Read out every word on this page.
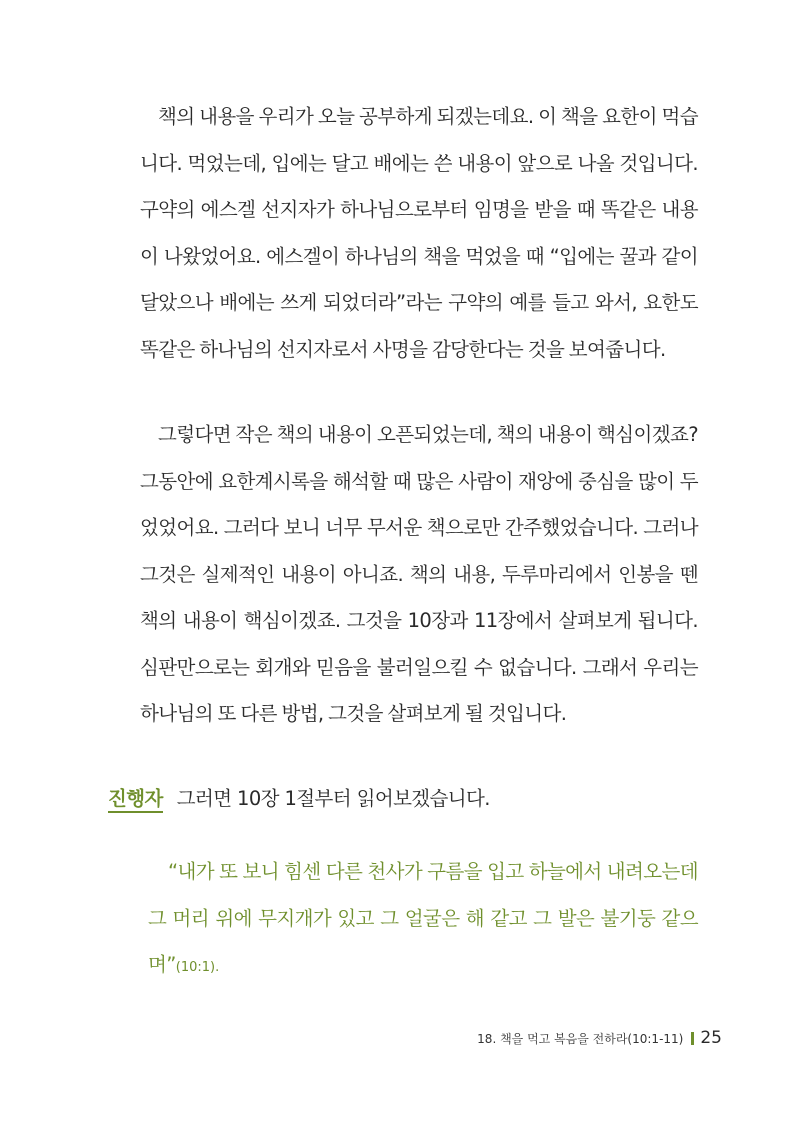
책의 내용을 우리가 오늘 공부하게 되겠는데요. 이 책을 요한이 먹습니다. 먹었는데, 입에는 달고 배에는 쓴 내용이 앞으로 나올 것입니다. 구약의 에스겔 선지자가 하나님으로부터 임명을 받을 때 똑같은 내용이 나왔었어요. 에스겔이 하나님의 책을 먹었을 때 “입에는 꿀과 같이 달았으나 배에는 쓰게 되었더라”라는 구약의 예를 들고 와서, 요한도 똑같은 하나님의 선지자로서 사명을 감당한다는 것을 보여줍니다.

그렇다면 작은 책의 내용이 오픈되었는데, 책의 내용이 핵심이겠죠? 그동안에 요한계시록을 해석할 때 많은 사람이 재앙에 중심을 많이 두었었어요. 그러다 보니 너무 무서운 책으로만 간주했었습니다. 그러나 그것은 실제적인 내용이 아니죠. 책의 내용, 두루마리에서 인봉을 뗀 책의 내용이 핵심이겠죠. 그것을 10장과 11장에서 살펴보게 됩니다. 심판만으로는 회개와 믿음을 불러일으킬 수 없습니다. 그래서 우리는 하나님의 또 다른 방법, 그것을 살펴보게 될 것입니다.

진행자 그러면 10장 1절부터 읽어보겠습니다.

“내가 또 보니 힘센 다른 천사가 구름을 입고 하늘에서 내려오는데 그 머리 위에 무지개가 있고 그 얼굴은 해 같고 그 발은 불기둥 같으며”(10:1).

18. 책을 먹고 복음을 전하라(10:1-11) 25
